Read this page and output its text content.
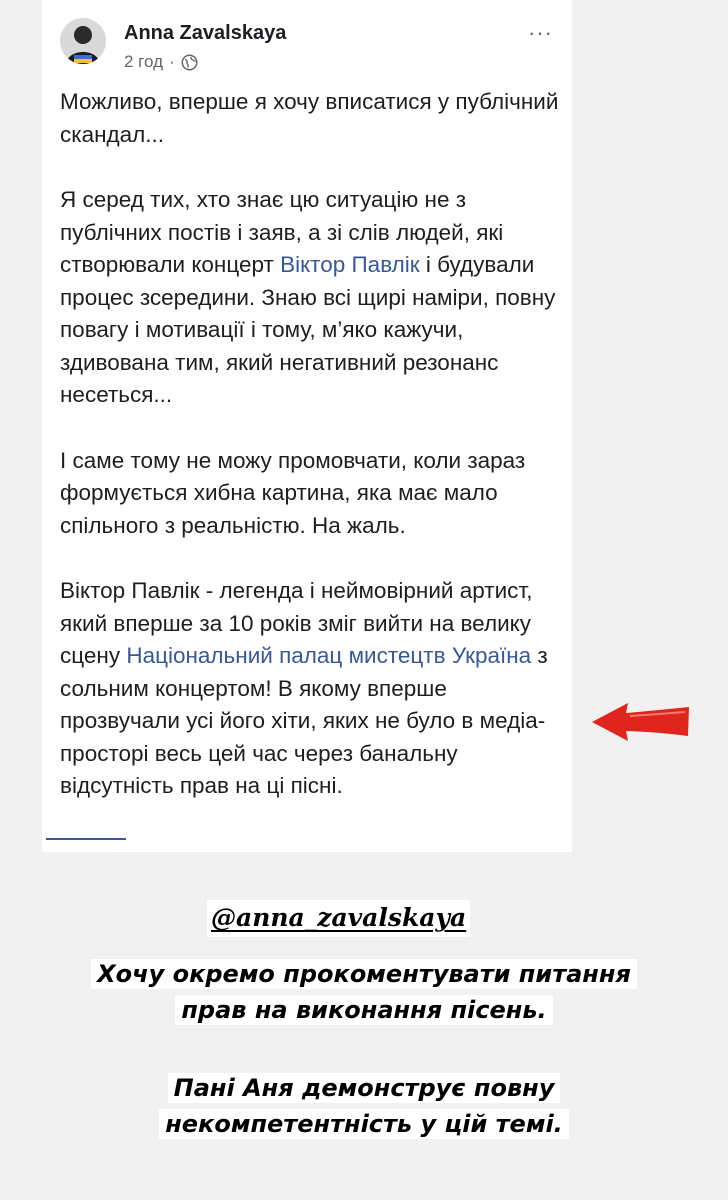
Anna Zavalskaya
2 год ·
···

Можливо, вперше я хочу вписатися у публічний скандал...

Я серед тих, хто знає цю ситуацію не з публічних постів і заяв, а зі слів людей, які створювали концерт Віктор Павлік і будували процес зсередини. Знаю всі щирі наміри, повну повагу і мотивації і тому, м’яко кажучи, здивована тим, який негативний резонанс несеться...

І саме тому не можу промовчати, коли зараз формується хибна картина, яка має мало спільного з реальністю. На жаль.

Віктор Павлік - легенда і неймовірний артист, який вперше за 10 років зміг вийти на велику сцену Національний палац мистецтв Україна з сольним концертом! В якому вперше прозвучали усі його хіти, яких не було в медіа-просторі весь цей час через банальну відсутність прав на ці пісні.

@anna_zavalskaya
Хочу окремо прокоментувати питання
прав на виконання пісень.
Пані Аня демонструє повну
некомпетентність у цій темі.
